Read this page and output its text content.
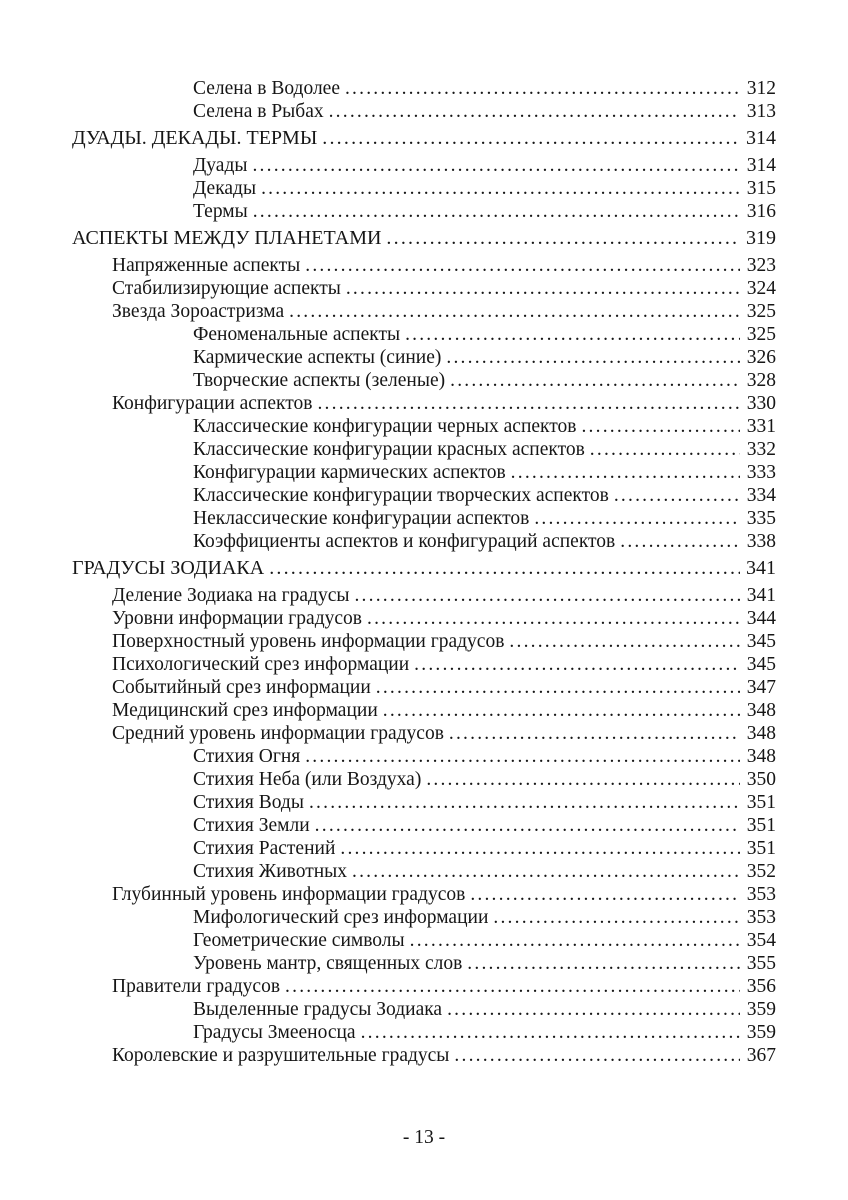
Селена в Водолее .....	312
Селена в Рыбах .....	313
ДУАДЫ. ДЕКАДЫ. ТЕРМЫ .....	314
Дуады .....	314
Декады .....	315
Термы .....	316
АСПЕКТЫ МЕЖДУ ПЛАНЕТАМИ .....	319
Напряженные аспекты .....	323
Стабилизирующие аспекты .....	324
Звезда Зороастризма .....	325
Феноменальные аспекты .....	325
Кармические аспекты (синие) .....	326
Творческие аспекты (зеленые) .....	328
Конфигурации аспектов .....	330
Классические конфигурации черных аспектов .....	331
Классические конфигурации красных аспектов .....	332
Конфигурации кармических аспектов .....	333
Классические конфигурации творческих аспектов .....	334
Неклассические конфигурации аспектов .....	335
Коэффициенты аспектов и конфигураций аспектов .....	338
ГРАДУСЫ ЗОДИАКА .....	341
Деление Зодиака на градусы .....	341
Уровни информации градусов .....	344
Поверхностный уровень информации градусов .....	345
Психологический срез информации .....	345
Событийный срез информации .....	347
Медицинский срез информации .....	348
Средний уровень информации градусов .....	348
Стихия Огня .....	348
Стихия Неба (или Воздуха) .....	350
Стихия Воды .....	351
Стихия Земли .....	351
Стихия Растений .....	351
Стихия Животных .....	352
Глубинный уровень информации градусов .....	353
Мифологический срез информации .....	353
Геометрические символы .....	354
Уровень мантр, священных слов .....	355
Правители градусов .....	356
Выделенные градусы Зодиака .....	359
Градусы Змееносца .....	359
Королевские и разрушительные градусы .....	367
- 13 -
